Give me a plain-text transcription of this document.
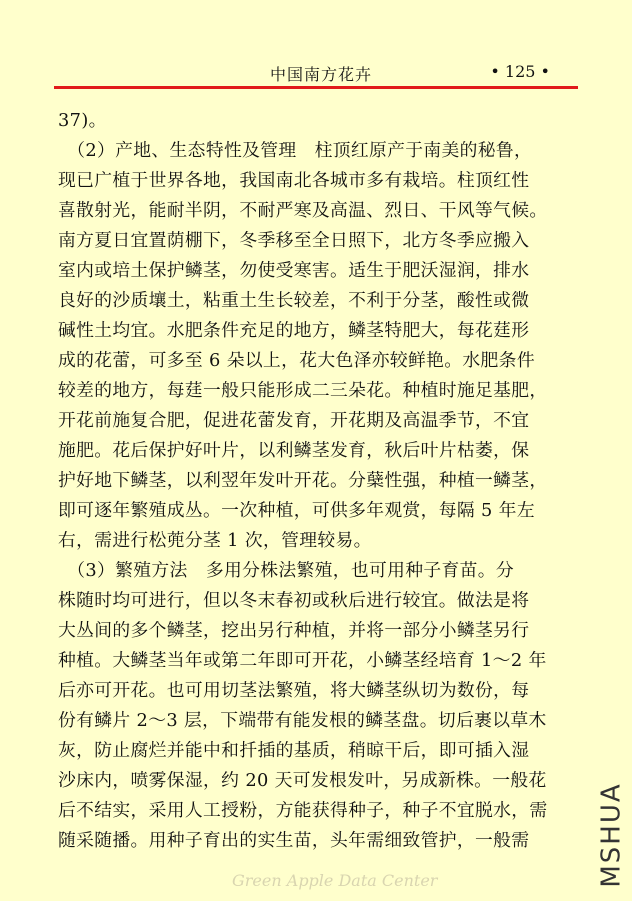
中国南方花卉	• 125 •
37)。
　（2）产地、生态特性及管理　柱顶红原产于南美的秘鲁，
现已广植于世界各地，我国南北各城市多有栽培。柱顶红性
喜散射光，能耐半阴，不耐严寒及高温、烈日、干风等气候。
南方夏日宜置荫棚下，冬季移至全日照下，北方冬季应搬入
室内或培土保护鳞茎，勿使受寒害。适生于肥沃湿润，排水
良好的沙质壤土，粘重土生长较差，不利于分茎，酸性或微
碱性土均宜。水肥条件充足的地方，鳞茎特肥大，每花莛形
成的花蕾，可多至 6 朵以上，花大色泽亦较鲜艳。水肥条件
较差的地方，每莛一般只能形成二三朵花。种植时施足基肥，
开花前施复合肥，促进花蕾发育，开花期及高温季节，不宜
施肥。花后保护好叶片，以利鳞茎发育，秋后叶片枯萎，保
护好地下鳞茎，以利翌年发叶开花。分蘖性强，种植一鳞茎，
即可逐年繁殖成丛。一次种植，可供多年观赏，每隔 5 年左
右，需进行松蔸分茎 1 次，管理较易。
　（3）繁殖方法　多用分株法繁殖，也可用种子育苗。分
株随时均可进行，但以冬末春初或秋后进行较宜。做法是将
大丛间的多个鳞茎，挖出另行种植，并将一部分小鳞茎另行
种植。大鳞茎当年或第二年即可开花，小鳞茎经培育 1～2 年
后亦可开花。也可用切茎法繁殖，将大鳞茎纵切为数份，每
份有鳞片 2～3 层，下端带有能发根的鳞茎盘。切后裹以草木
灰，防止腐烂并能中和扦插的基质，稍晾干后，即可插入湿
沙床内，喷雾保湿，约 20 天可发根发叶，另成新株。一般花
后不结实，采用人工授粉，方能获得种子，种子不宜脱水，需
随采随播。用种子育出的实生苗，头年需细致管护，一般需
Green Apple Data Center	MSHUA
